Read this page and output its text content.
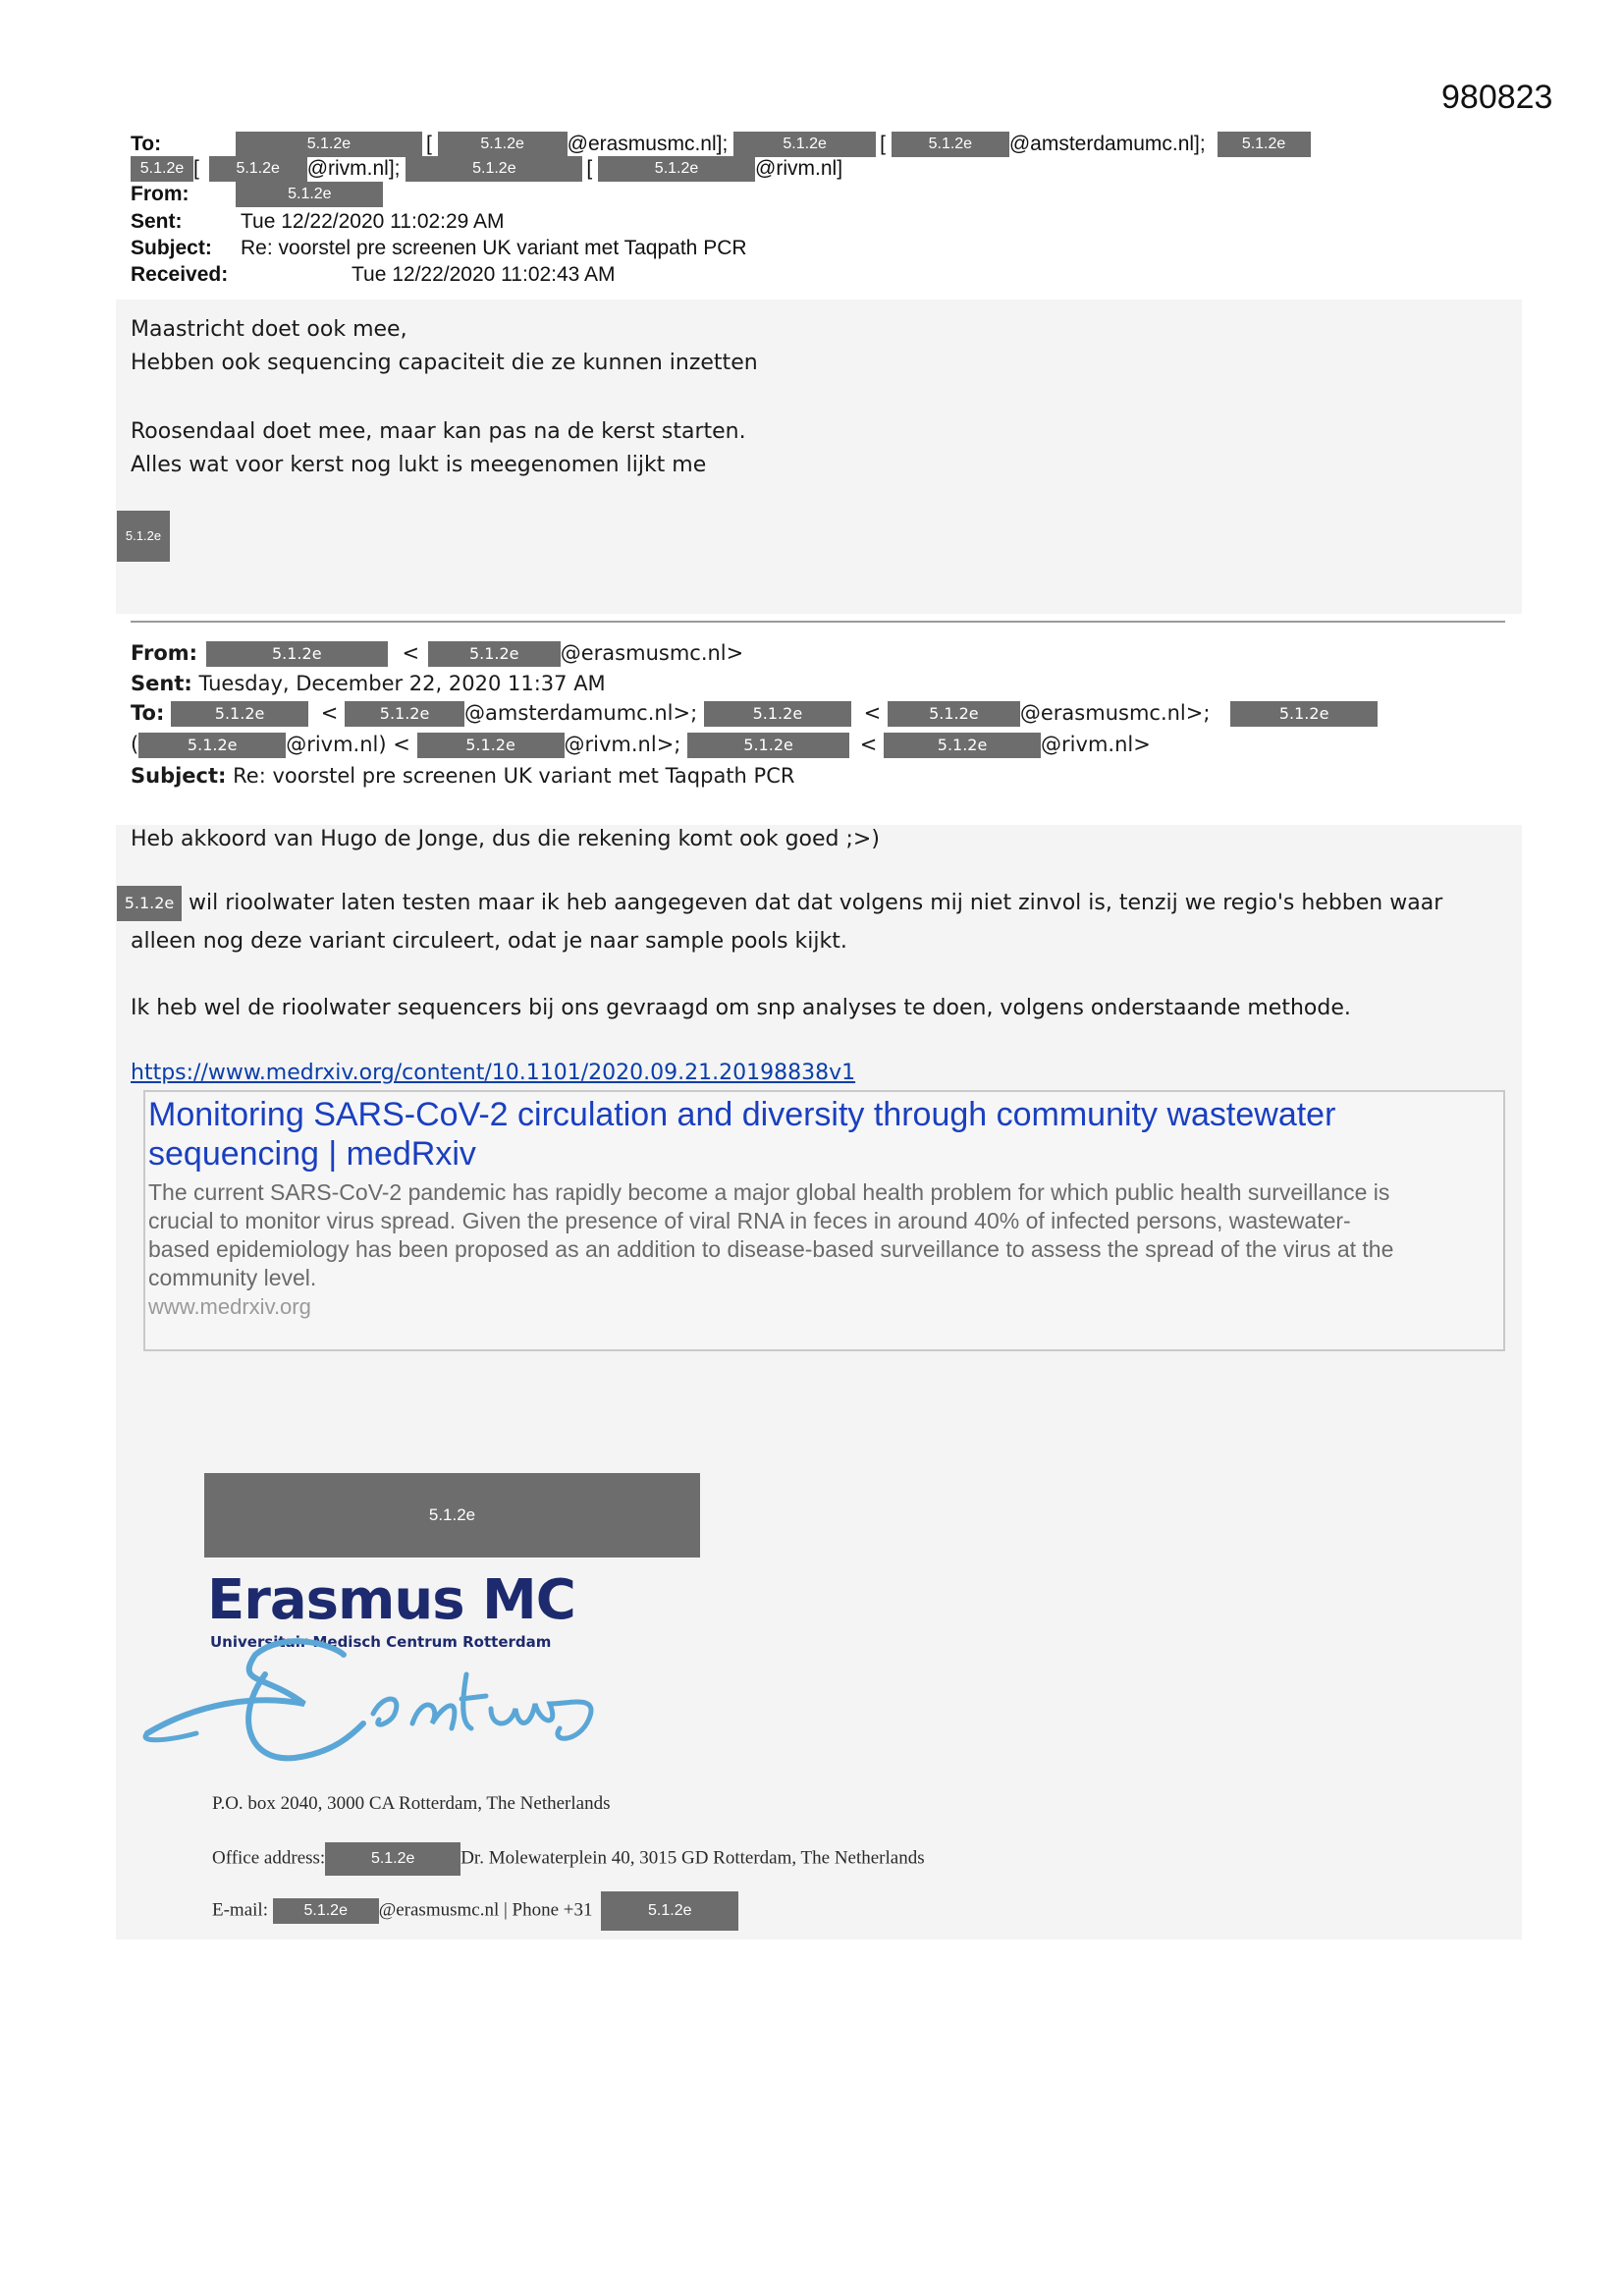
980823
To:	5.1.2e	[	5.1.2e @erasmusmc.nl];	5.1.2e	[	5.1.2e @amsterdamumc.nl]; 5.1.2e
5.1.2e [ 5.1.2e @rivm.nl];	5.1.2e	[	5.1.2e	@rivm.nl]
From:	5.1.2e
Sent:	Tue 12/22/2020 11:02:29 AM
Subject: Re: voorstel pre screenen UK variant met Taqpath PCR
Received:	Tue 12/22/2020 11:02:43 AM
Maastricht doet ook mee,
Hebben ook sequencing capaciteit die ze kunnen inzetten
Roosendaal doet mee, maar kan pas na de kerst starten.
Alles wat voor kerst nog lukt is meegenomen lijkt me
5.1.2e
From:	5.1.2e	<	5.1.2e @erasmusmc.nl>
Sent: Tuesday, December 22, 2020 11:37 AM
To:	5.1.2e	<	5.1.2e @amsterdamumc.nl>;	5.1.2e	<	5.1.2e @erasmusmc.nl>;	5.1.2e
(	5.1.2e @rivm.nl) <	5.1.2e @rivm.nl>;	5.1.2e	<	5.1.2e	@rivm.nl>
Subject: Re: voorstel pre screenen UK variant met Taqpath PCR
Heb akkoord van Hugo de Jonge, dus die rekening komt ook goed ;>)
5.1.2e wil rioolwater laten testen maar ik heb aangegeven dat dat volgens mij niet zinvol is, tenzij we regio's hebben waar
alleen nog deze variant circuleert, odat je naar sample pools kijkt.
Ik heb wel de rioolwater sequencers bij ons gevraagd om snp analyses te doen, volgens onderstaande methode.
https://www.medrxiv.org/content/10.1101/2020.09.21.20198838v1
Monitoring SARS-CoV-2 circulation and diversity through community wastewater
sequencing | medRxiv
The current SARS-CoV-2 pandemic has rapidly become a major global health problem for which public health surveillance is
crucial to monitor virus spread. Given the presence of viral RNA in feces in around 40% of infected persons, wastewater-
based epidemiology has been proposed as an addition to disease-based surveillance to assess the spread of the virus at the
community level.
www.medrxiv.org
5.1.2e
Erasmus MC
Universitair Medisch Centrum Rotterdam
P.O. box 2040, 3000 CA Rotterdam, The Netherlands
Office address:	5.1.2e Dr. Molewaterplein 40, 3015 GD Rotterdam, The Netherlands
E-mail: 5.1.2e @erasmusmc.nl | Phone +31	5.1.2e
